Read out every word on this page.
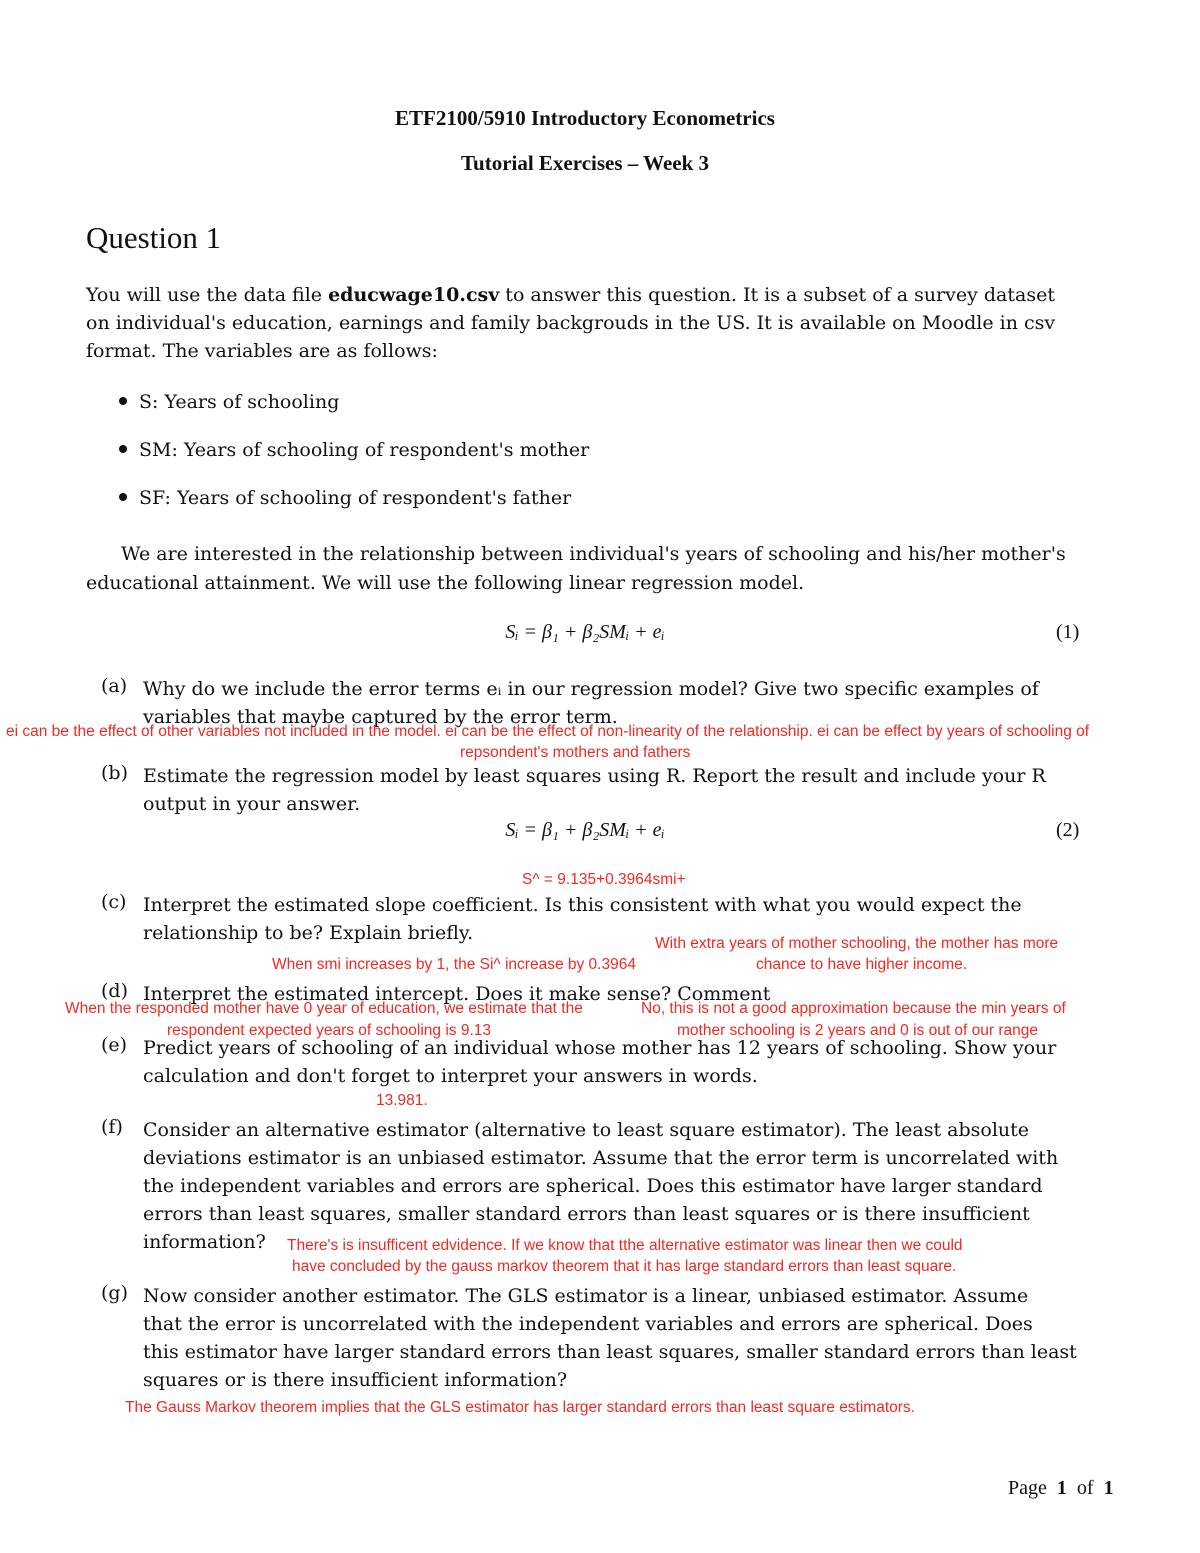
ETF2100/5910 Introductory Econometrics
Tutorial Exercises – Week 3
Question 1
You will use the data file educwage10.csv to answer this question. It is a subset of a survey dataset
on individual's education, earnings and family backgrouds in the US. It is available on Moodle in csv
format. The variables are as follows:
S: Years of schooling
SM: Years of schooling of respondent's mother
SF: Years of schooling of respondent's father
We are interested in the relationship between individual's years of schooling and his/her mother's
educational attainment. We will use the following linear regression model.
Sᵢ = β₁ + β₂SMᵢ + eᵢ	(1)
(a) Why do we include the error terms eᵢ in our regression model? Give two specific examples of
variables that maybe captured by the error term.
ei can be the effect of other variables not included in the model. ei can be the effect of non-linearity of the relationship. ei can be effect by years of schooling of
repsondent's mothers and fathers
(b) Estimate the regression model by least squares using R. Report the result and include your R
output in your answer.
Sᵢ = β₁ + β₂SMᵢ + eᵢ	(2)
S^ = 9.135+0.3964smi+
(c) Interpret the estimated slope coefficient. Is this consistent with what you would expect the
relationship to be? Explain briefly.	With extra years of mother schooling, the mother has more
When smi increases by 1, the Si^ increase by 0.3964	chance to have higher income.
(d) Interpret the estimated intercept. Does it make sense? Comment
When the responded mother have 0 year of education, we estimate that the	No, this is not a good approximation because the min years of
respondent expected years of schooling is 9.13	mother schooling is 2 years and 0 is out of our range
(e) Predict years of schooling of an individual whose mother has 12 years of schooling. Show your
calculation and don't forget to interpret your answers in words.
13.981.
(f) Consider an alternative estimator (alternative to least square estimator). The least absolute
deviations estimator is an unbiased estimator. Assume that the error term is uncorrelated with
the independent variables and errors are spherical. Does this estimator have larger standard
errors than least squares, smaller standard errors than least squares or is there insufficient
information? There's is insufficent edvidence. If we know that tthe alternative estimator was linear then we could
have concluded by the gauss markov theorem that it has large standard errors than least square.
(g) Now consider another estimator. The GLS estimator is a linear, unbiased estimator. Assume
that the error is uncorrelated with the independent variables and errors are spherical. Does
this estimator have larger standard errors than least squares, smaller standard errors than least
squares or is there insufficient information?
The Gauss Markov theorem implies that the GLS estimator has larger standard errors than least square estimators.
Page 1 of 1
